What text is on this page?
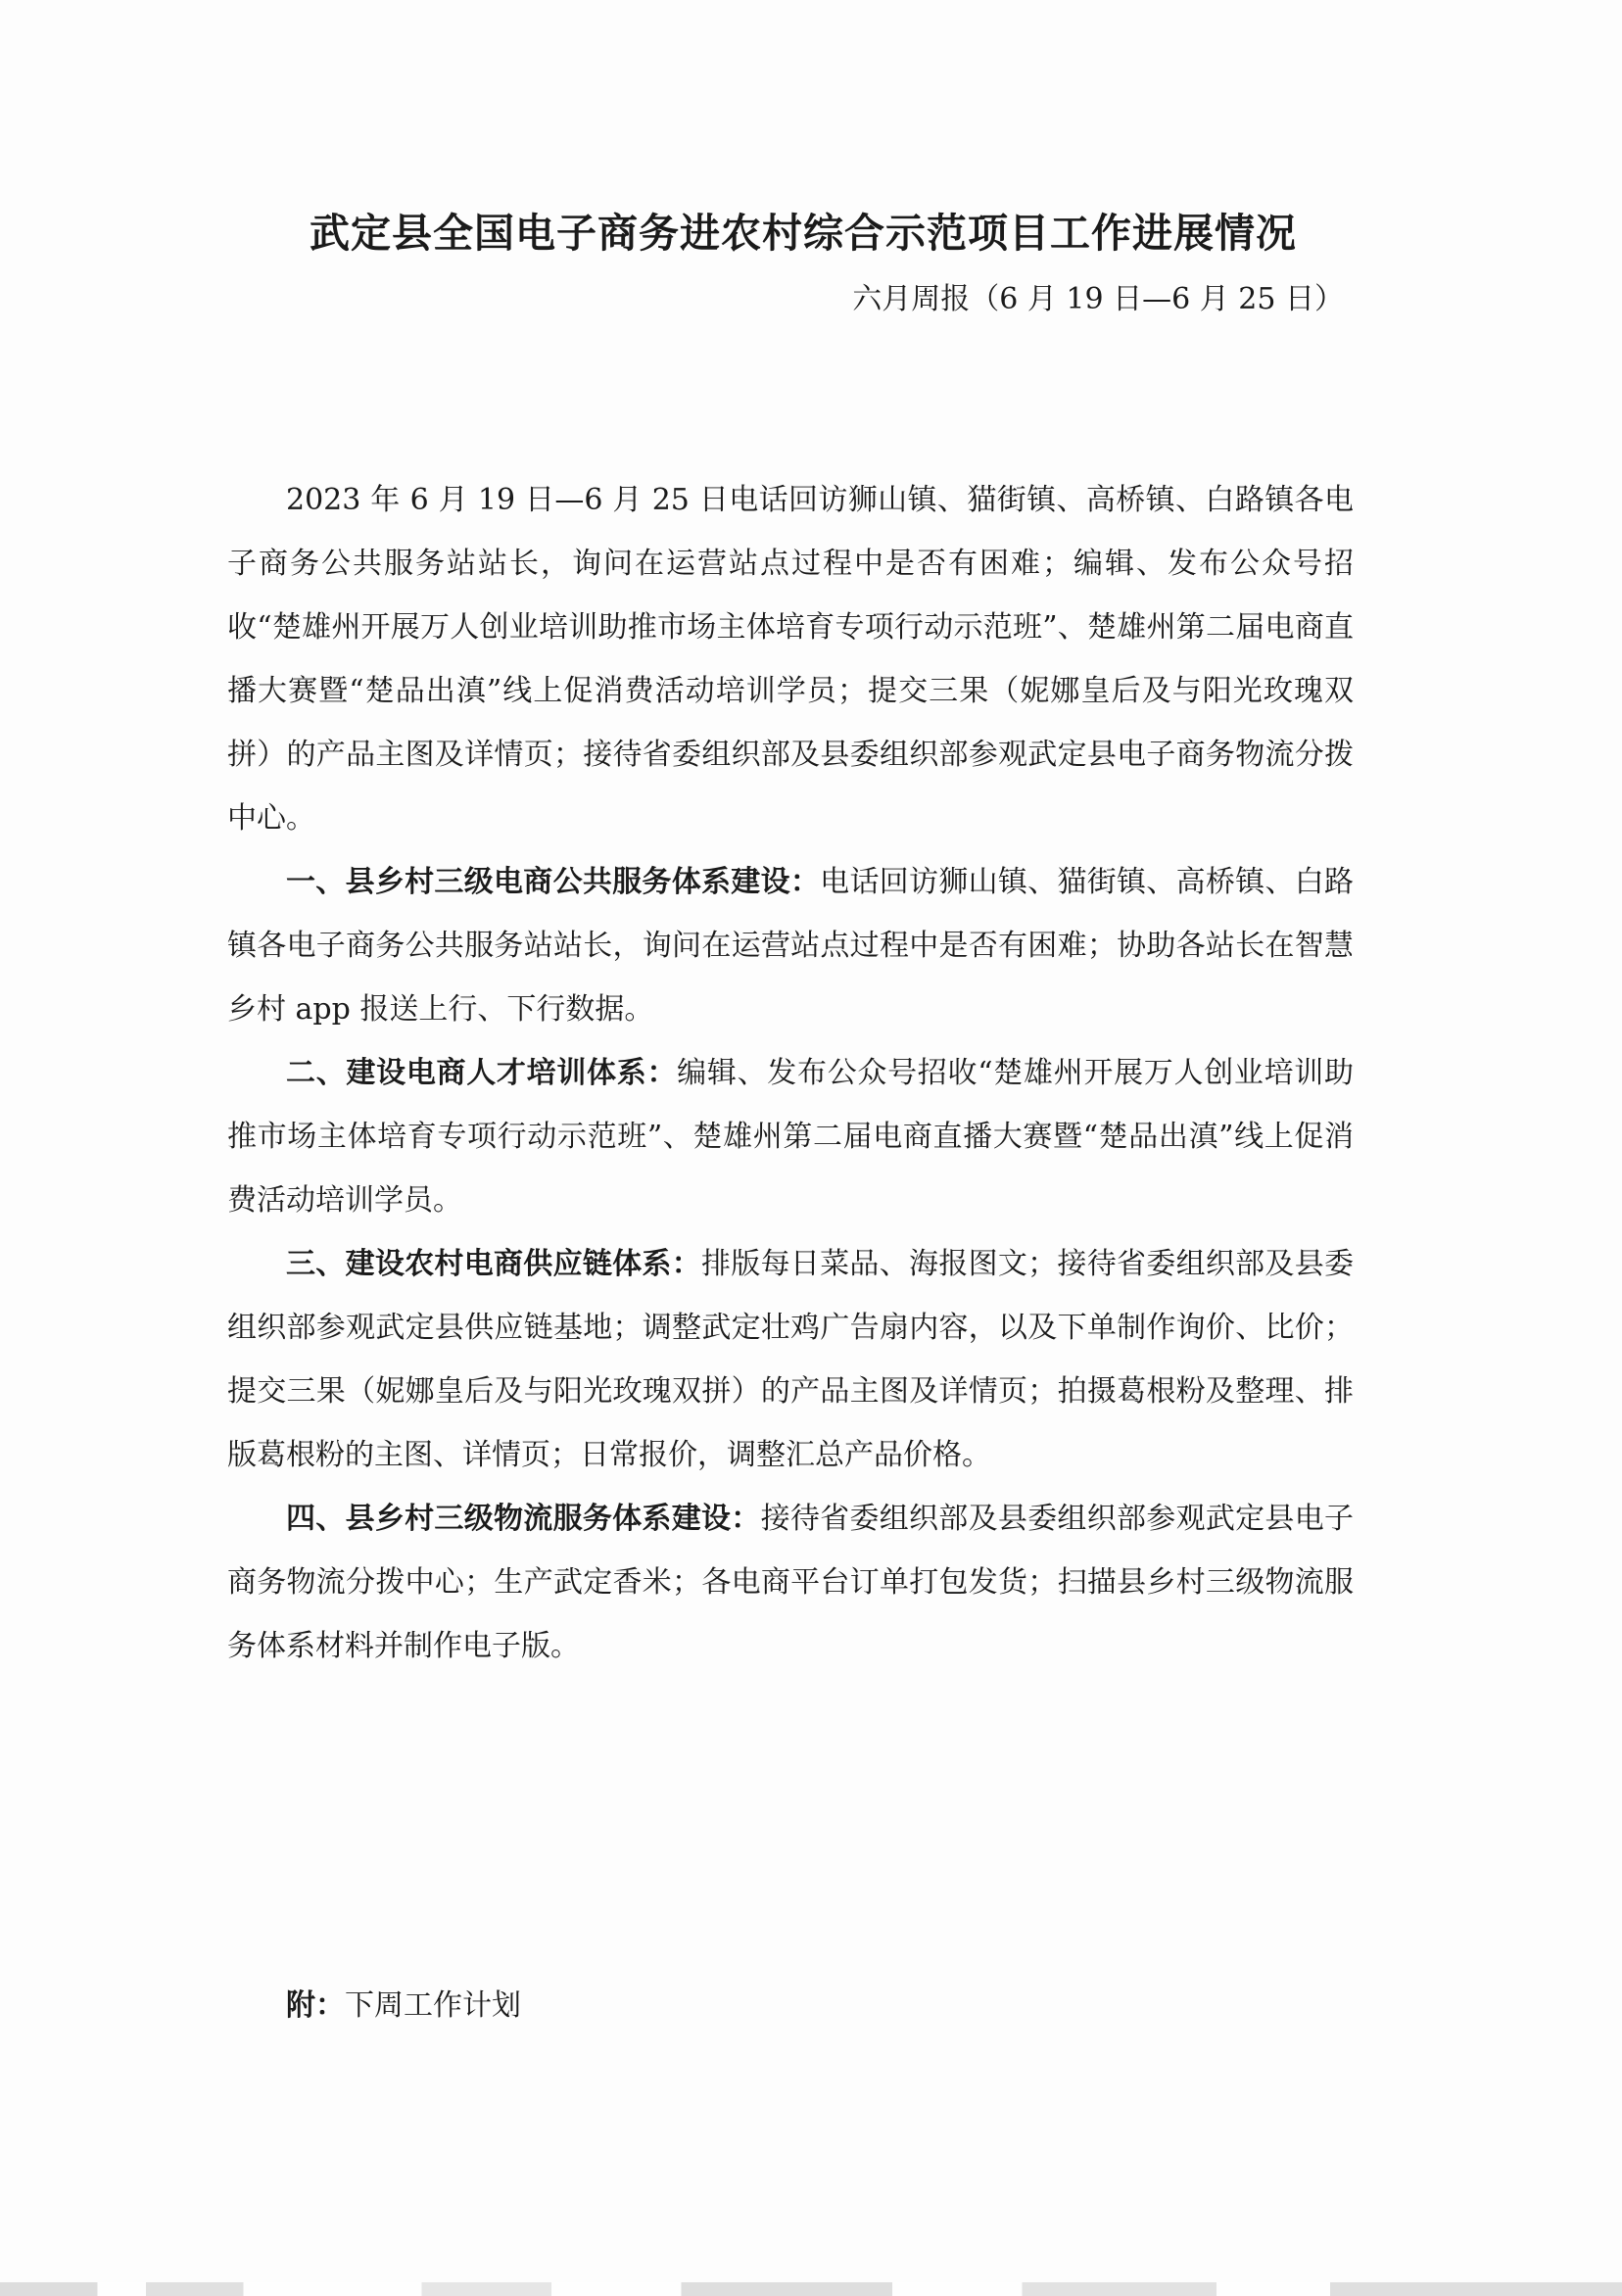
武定县全国电子商务进农村综合示范项目工作进展情况
六月周报（6 月 19 日—6 月 25 日）

2023 年 6 月 19 日—6 月 25 日电话回访狮山镇、猫街镇、高桥镇、白路镇各电子商务公共服务站站长，询问在运营站点过程中是否有困难；编辑、发布公众号招收“楚雄州开展万人创业培训助推市场主体培育专项行动示范班”、楚雄州第二届电商直播大赛暨“楚品出滇”线上促消费活动培训学员；提交三果（妮娜皇后及与阳光玫瑰双拼）的产品主图及详情页；接待省委组织部及县委组织部参观武定县电子商务物流分拨中心。

一、县乡村三级电商公共服务体系建设：电话回访狮山镇、猫街镇、高桥镇、白路镇各电子商务公共服务站站长，询问在运营站点过程中是否有困难；协助各站长在智慧乡村 app 报送上行、下行数据。

二、建设电商人才培训体系：编辑、发布公众号招收“楚雄州开展万人创业培训助推市场主体培育专项行动示范班”、楚雄州第二届电商直播大赛暨“楚品出滇”线上促消费活动培训学员。

三、建设农村电商供应链体系：排版每日菜品、海报图文；接待省委组织部及县委组织部参观武定县供应链基地；调整武定壮鸡广告扇内容，以及下单制作询价、比价；提交三果（妮娜皇后及与阳光玫瑰双拼）的产品主图及详情页；拍摄葛根粉及整理、排版葛根粉的主图、详情页；日常报价，调整汇总产品价格。

四、县乡村三级物流服务体系建设：接待省委组织部及县委组织部参观武定县电子商务物流分拨中心；生产武定香米；各电商平台订单打包发货；扫描县乡村三级物流服务体系材料并制作电子版。

附：下周工作计划
